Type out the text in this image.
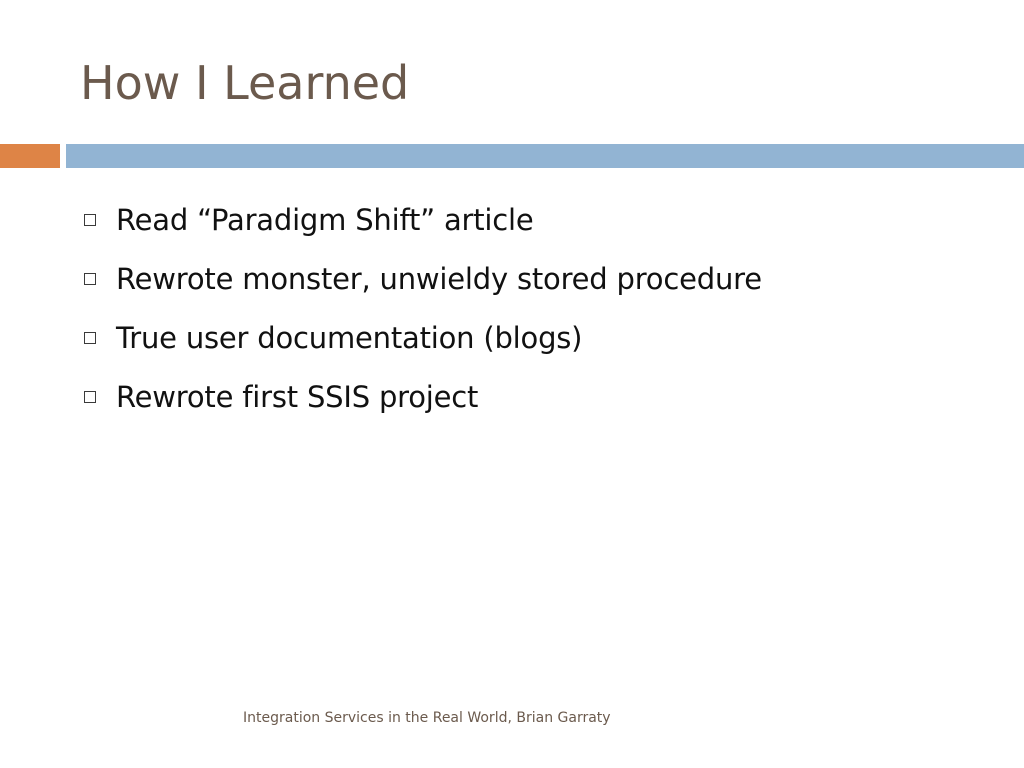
How I Learned
Read “Paradigm Shift” article
Rewrote monster, unwieldy stored procedure
True user documentation (blogs)
Rewrote first SSIS project
Integration Services in the Real World, Brian Garraty
